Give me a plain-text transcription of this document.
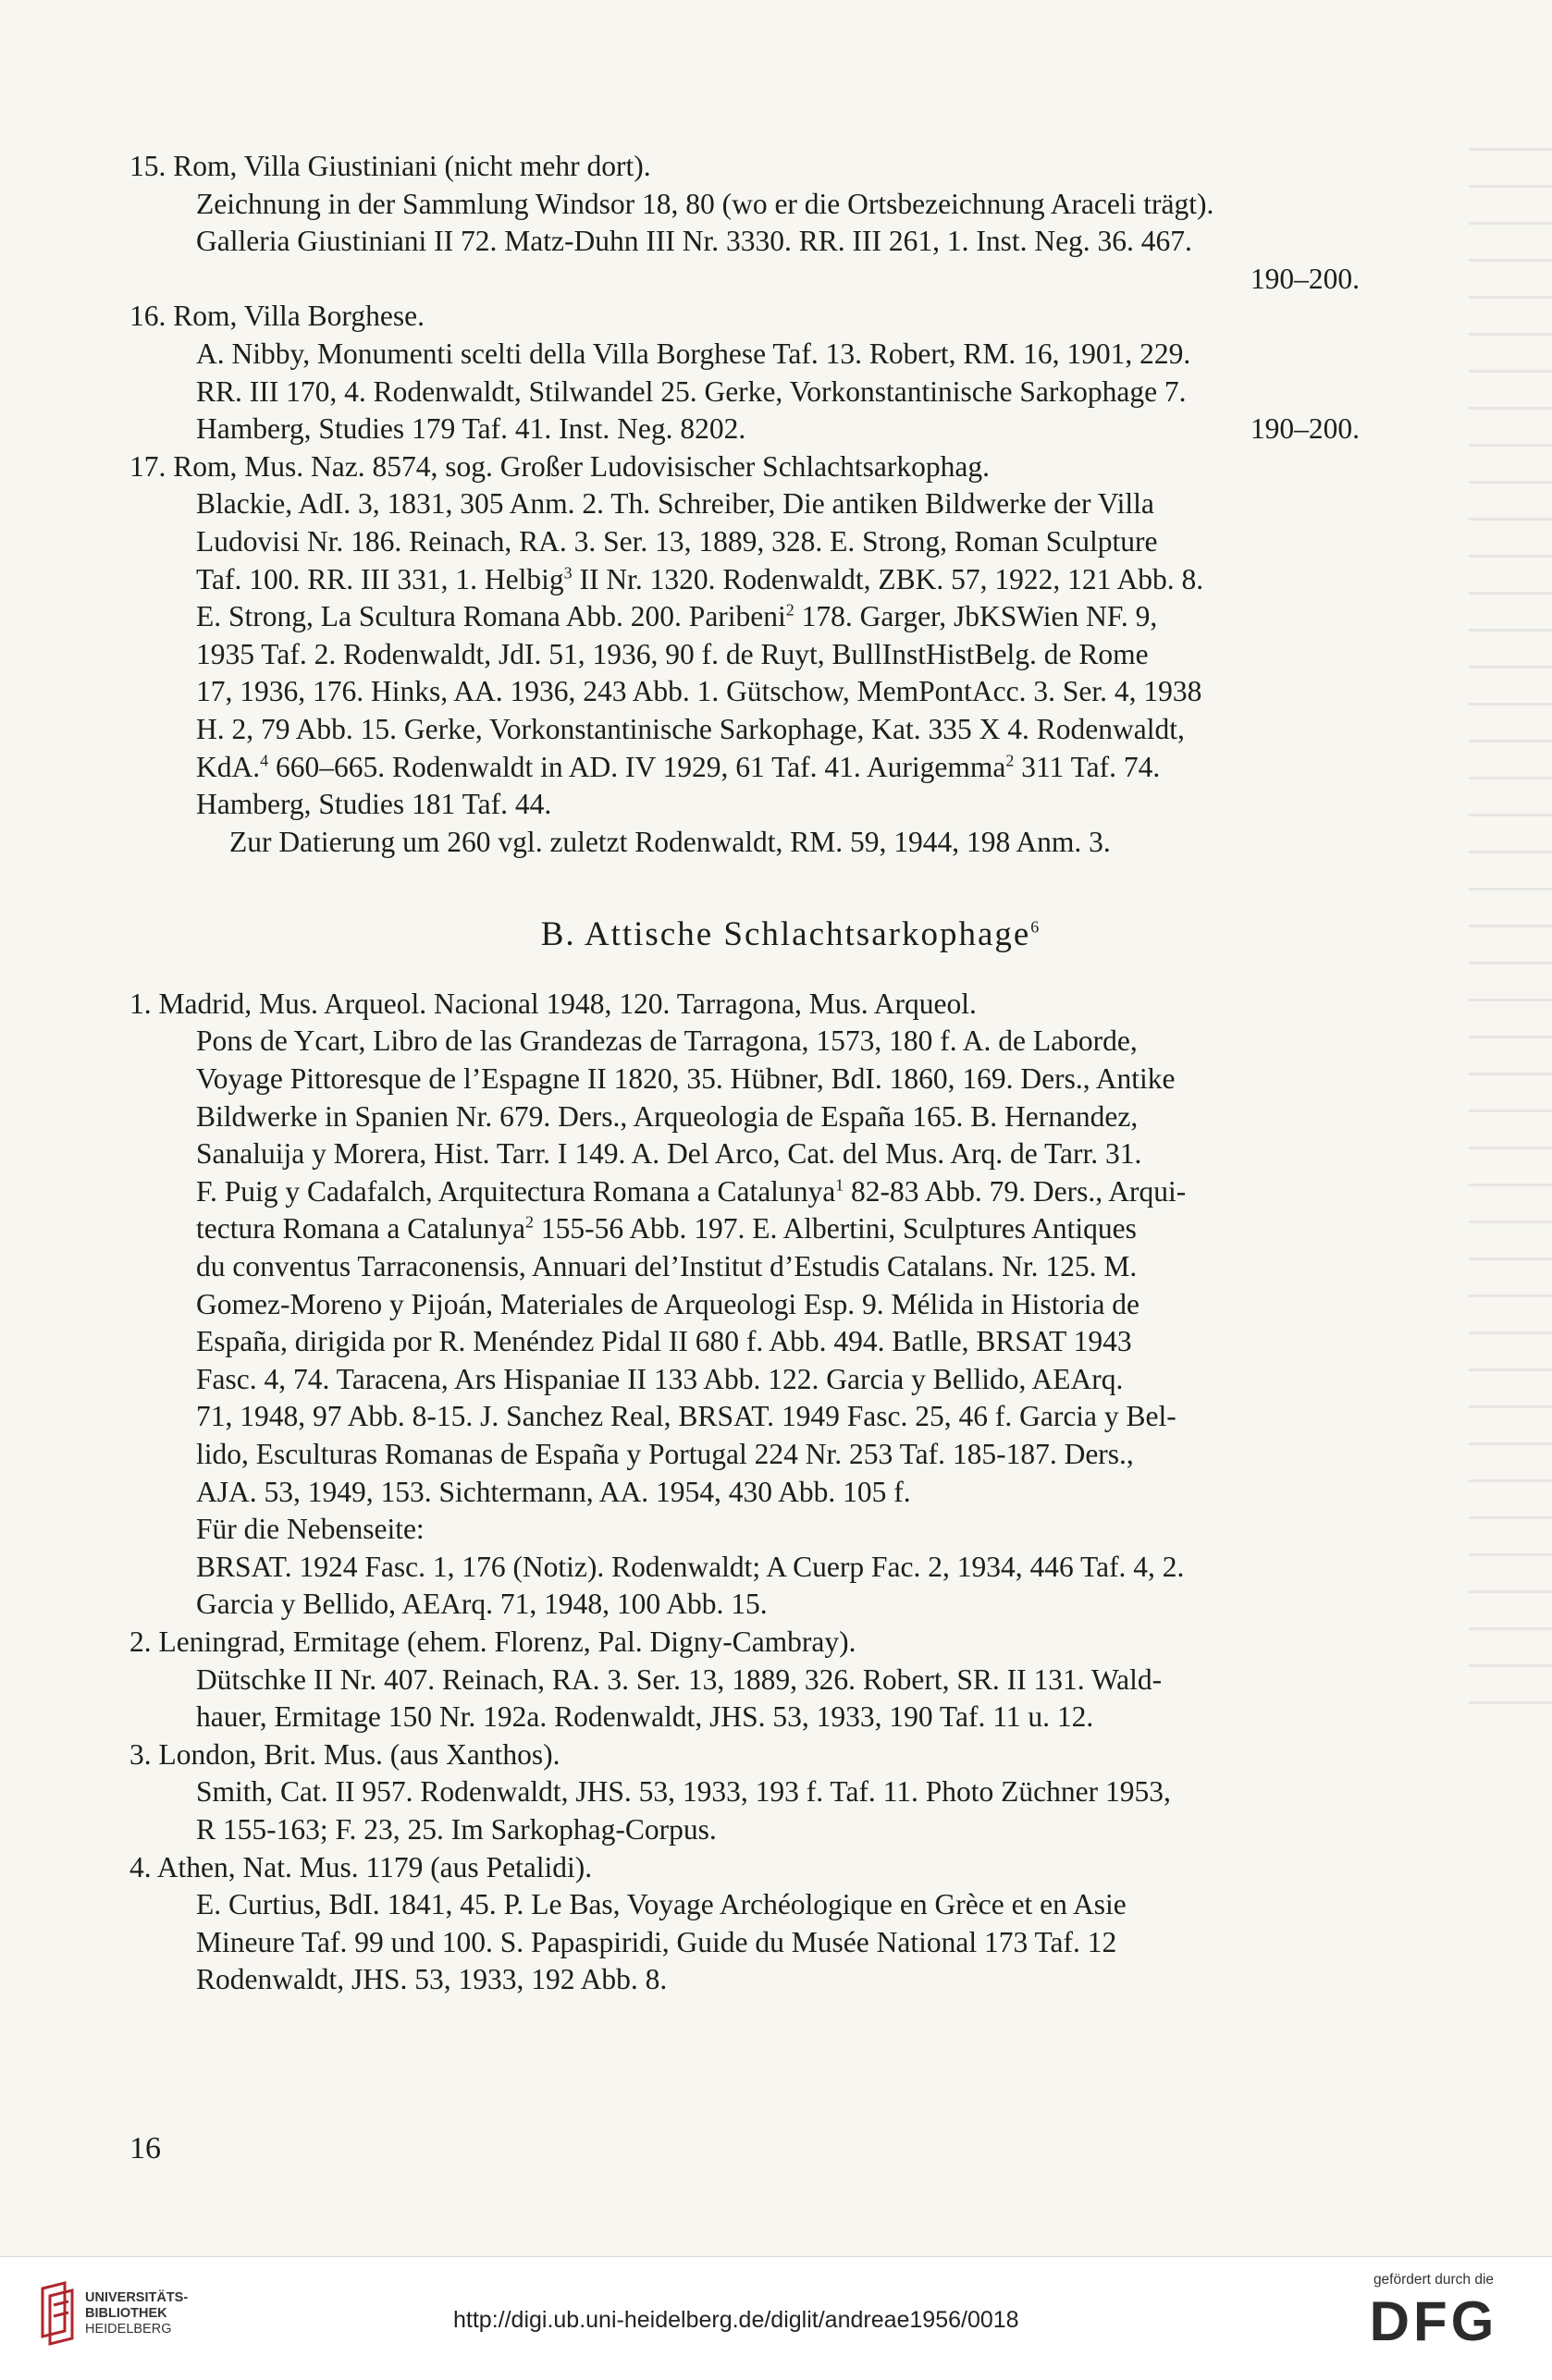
15. Rom, Villa Giustiniani (nicht mehr dort).
Zeichnung in der Sammlung Windsor 18, 80 (wo er die Ortsbezeichnung Araceli trägt).
Galleria Giustiniani II 72. Matz-Duhn III Nr. 3330. RR. III 261, 1. Inst. Neg. 36. 467.
190–200.
16. Rom, Villa Borghese.
A. Nibby, Monumenti scelti della Villa Borghese Taf. 13. Robert, RM. 16, 1901, 229.
RR. III 170, 4. Rodenwaldt, Stilwandel 25. Gerke, Vorkonstantinische Sarkophage 7.
Hamberg, Studies 179 Taf. 41. Inst. Neg. 8202.	190–200.
17. Rom, Mus. Naz. 8574, sog. Großer Ludovisischer Schlachtsarkophag.
Blackie, AdI. 3, 1831, 305 Anm. 2. Th. Schreiber, Die antiken Bildwerke der Villa
Ludovisi Nr. 186. Reinach, RA. 3. Ser. 13, 1889, 328. E. Strong, Roman Sculpture
Taf. 100. RR. III 331, 1. Helbig$^3$ II Nr. 1320. Rodenwaldt, ZBK. 57, 1922, 121 Abb. 8.
E. Strong, La Scultura Romana Abb. 200. Paribeni$^2$ 178. Garger, JbKSWien NF. 9,
1935 Taf. 2. Rodenwaldt, JdI. 51, 1936, 90 f. de Ruyt, BullInstHistBelg. de Rome
17, 1936, 176. Hinks, AA. 1936, 243 Abb. 1. Gütschow, MemPontAcc. 3. Ser. 4, 1938
H. 2, 79 Abb. 15. Gerke, Vorkonstantinische Sarkophage, Kat. 335 X 4. Rodenwaldt,
KdA.$^4$ 660–665. Rodenwaldt in AD. IV 1929, 61 Taf. 41. Aurigemma$^2$ 311 Taf. 74.
Hamberg, Studies 181 Taf. 44.
Zur Datierung um 260 vgl. zuletzt Rodenwaldt, RM. 59, 1944, 198 Anm. 3.
B. Attische Schlachtsarkophage$^6$
1. Madrid, Mus. Arqueol. Nacional 1948, 120. Tarragona, Mus. Arqueol.
Pons de Ycart, Libro de las Grandezas de Tarragona, 1573, 180 f. A. de Laborde,
Voyage Pittoresque de l’Espagne II 1820, 35. Hübner, BdI. 1860, 169. Ders., Antike
Bildwerke in Spanien Nr. 679. Ders., Arqueologia de España 165. B. Hernandez,
Sanaluija y Morera, Hist. Tarr. I 149. A. Del Arco, Cat. del Mus. Arq. de Tarr. 31.
F. Puig y Cadafalch, Arquitectura Romana a Catalunya$^1$ 82-83 Abb. 79. Ders., Arqui-
tectura Romana a Catalunya$^2$ 155-56 Abb. 197. E. Albertini, Sculptures Antiques
du conventus Tarraconensis, Annuari del’Institut d’Estudis Catalans. Nr. 125. M.
Gomez-Moreno y Pijoán, Materiales de Arqueologi Esp. 9. Mélida in Historia de
España, dirigida por R. Menéndez Pidal II 680 f. Abb. 494. Batlle, BRSAT 1943
Fasc. 4, 74. Taracena, Ars Hispaniae II 133 Abb. 122. Garcia y Bellido, AEArq.
71, 1948, 97 Abb. 8-15. J. Sanchez Real, BRSAT. 1949 Fasc. 25, 46 f. Garcia y Bel-
lido, Esculturas Romanas de España y Portugal 224 Nr. 253 Taf. 185-187. Ders.,
AJA. 53, 1949, 153. Sichtermann, AA. 1954, 430 Abb. 105 f.
Für die Nebenseite:
BRSAT. 1924 Fasc. 1, 176 (Notiz). Rodenwaldt; A Cuerp Fac. 2, 1934, 446 Taf. 4, 2.
Garcia y Bellido, AEArq. 71, 1948, 100 Abb. 15.
2. Leningrad, Ermitage (ehem. Florenz, Pal. Digny-Cambray).
Dütschke II Nr. 407. Reinach, RA. 3. Ser. 13, 1889, 326. Robert, SR. II 131. Wald-
hauer, Ermitage 150 Nr. 192a. Rodenwaldt, JHS. 53, 1933, 190 Taf. 11 u. 12.
3. London, Brit. Mus. (aus Xanthos).
Smith, Cat. II 957. Rodenwaldt, JHS. 53, 1933, 193 f. Taf. 11. Photo Züchner 1953,
R 155-163; F. 23, 25. Im Sarkophag-Corpus.
4. Athen, Nat. Mus. 1179 (aus Petalidi).
E. Curtius, BdI. 1841, 45. P. Le Bas, Voyage Archéologique en Grèce et en Asie
Mineure Taf. 99 und 100. S. Papaspiridi, Guide du Musée National 173 Taf. 12
Rodenwaldt, JHS. 53, 1933, 192 Abb. 8.
16
UNIVERSITÄTS-
BIBLIOTHEK
HEIDELBERG	http://digi.ub.uni-heidelberg.de/diglit/andreae1956/0018
gefördert durch die
DFG
